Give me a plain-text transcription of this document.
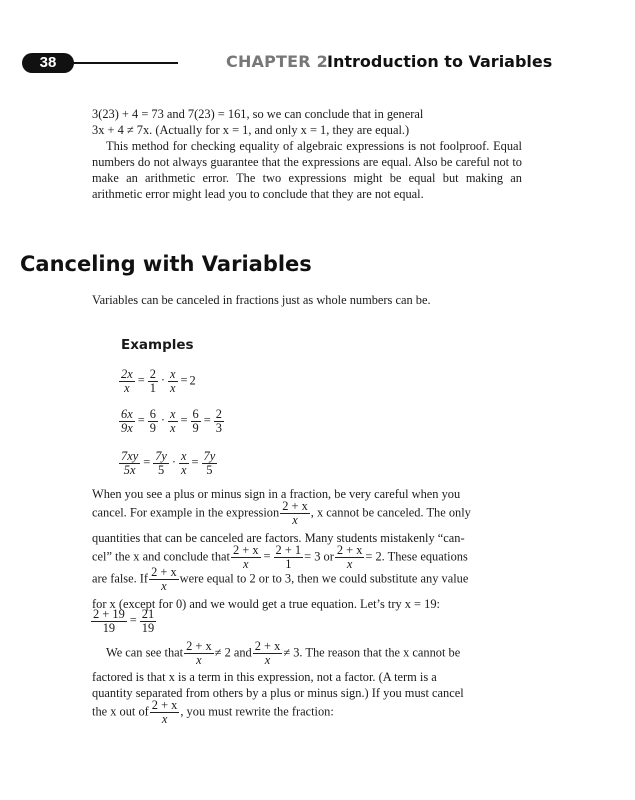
38	CHAPTER 2 Introduction to Variables
3(23) + 4 = 73 and 7(23) = 161, so we can conclude that in general
3x + 4 ≠ 7x. (Actually for x = 1, and only x = 1, they are equal.)
This method for checking equality of algebraic expressions is not foolproof. Equal numbers do not always guarantee that the expressions are equal. Also be careful not to make an arithmetic error. The two expressions might be equal but making an arithmetic error might lead you to conclude that they are not equal.
Canceling with Variables
Variables can be canceled in fractions just as whole numbers can be.
Examples
$\frac{2x}{x} = \frac{2}{1} \cdot \frac{x}{x} = 2$
$\frac{6x}{9x} = \frac{6}{9} \cdot \frac{x}{x} = \frac{6}{9} = \frac{2}{3}$
$\frac{7xy}{5x} = \frac{7y}{5} \cdot \frac{x}{x} = \frac{7y}{5}$
When you see a plus or minus sign in a fraction, be very careful when you
cancel. For example in the expression $\frac{2 + x}{x}$ , x cannot be canceled. The only
quantities that can be canceled are factors. Many students mistakenly “can-
cel” the x and conclude that $\frac{2 + x}{x} = \frac{2 + 1}{1} = 3$ or $\frac{2 + x}{x} = 2$. These equations
are false. If $\frac{2 + x}{x}$ were equal to 2 or to 3, then we could substitute any value
for x (except for 0) and we would get a true equation. Let’s try x = 19:
$\frac{2 + 19}{19} = \frac{21}{19}$
We can see that $\frac{2 + x}{x} \ne 2$ and $\frac{2 + x}{x} \ne 3$. The reason that the x cannot be
factored is that x is a term in this expression, not a factor. (A term is a
quantity separated from others by a plus or minus sign.) If you must cancel
the x out of $\frac{2 + x}{x}$ , you must rewrite the fraction:
